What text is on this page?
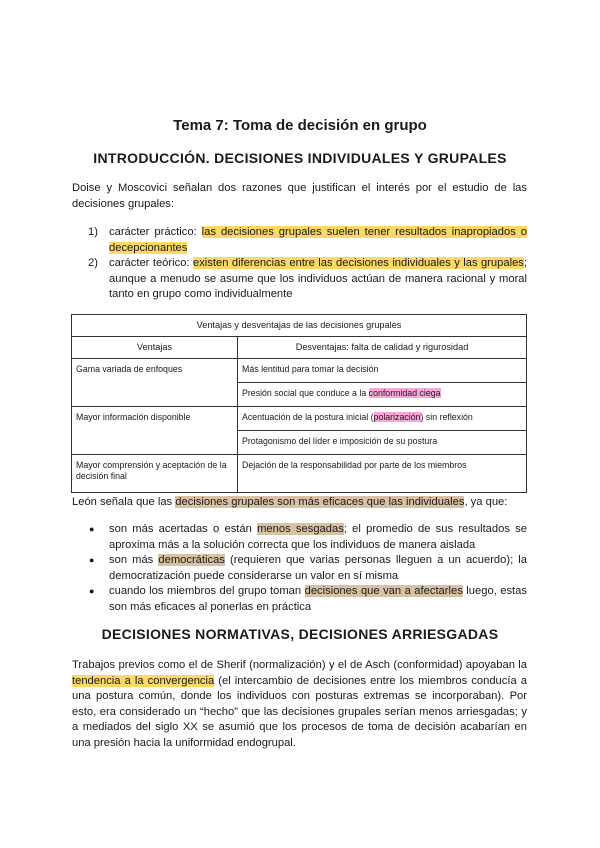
Tema 7: Toma de decisión en grupo
INTRODUCCIÓN. DECISIONES INDIVIDUALES Y GRUPALES
Doise y Moscovici señalan dos razones que justifican el interés por el estudio de las decisiones grupales:
1) carácter práctico: las decisiones grupales suelen tener resultados inapropiados o decepcionantes
2) carácter teórico: existen diferencias entre las decisiones individuales y las grupales; aunque a menudo se asume que los individuos actúan de manera racional y moral tanto en grupo como individualmente
Ventajas y desventajas de las decisiones grupales	
Ventajas	Desventajas: falta de calidad y rigurosidad
Gama variada de enfoques	Más lentitud para tomar la decisión
	Presión social que conduce a la conformidad ciega
Mayor información disponible	Acentuación de la postura inicial (polarización) sin reflexión
	Protagonismo del líder e imposición de su postura
Mayor comprensión y aceptación de la decisión final	Dejación de la responsabilidad por parte de los miembros
León señala que las decisiones grupales son más eficaces que las individuales, ya que:
● son más acertadas o están menos sesgadas; el promedio de sus resultados se aproxima más a la solución correcta que los individuos de manera aislada
● son más democráticas (requieren que varias personas lleguen a un acuerdo); la democratización puede considerarse un valor en sí misma
● cuando los miembros del grupo toman decisiones que van a afectarles luego, estas son más eficaces al ponerlas en práctica
DECISIONES NORMATIVAS, DECISIONES ARRIESGADAS
Trabajos previos como el de Sherif (normalización) y el de Asch (conformidad) apoyaban la tendencia a la convergencia (el intercambio de decisiones entre los miembros conducía a una postura común, donde los individuos con posturas extremas se incorporaban). Por esto, era considerado un “hecho” que las decisiones grupales serían menos arriesgadas; y a mediados del siglo XX se asumió que los procesos de toma de decisión acabarían en una presión hacia la uniformidad endogrupal.
